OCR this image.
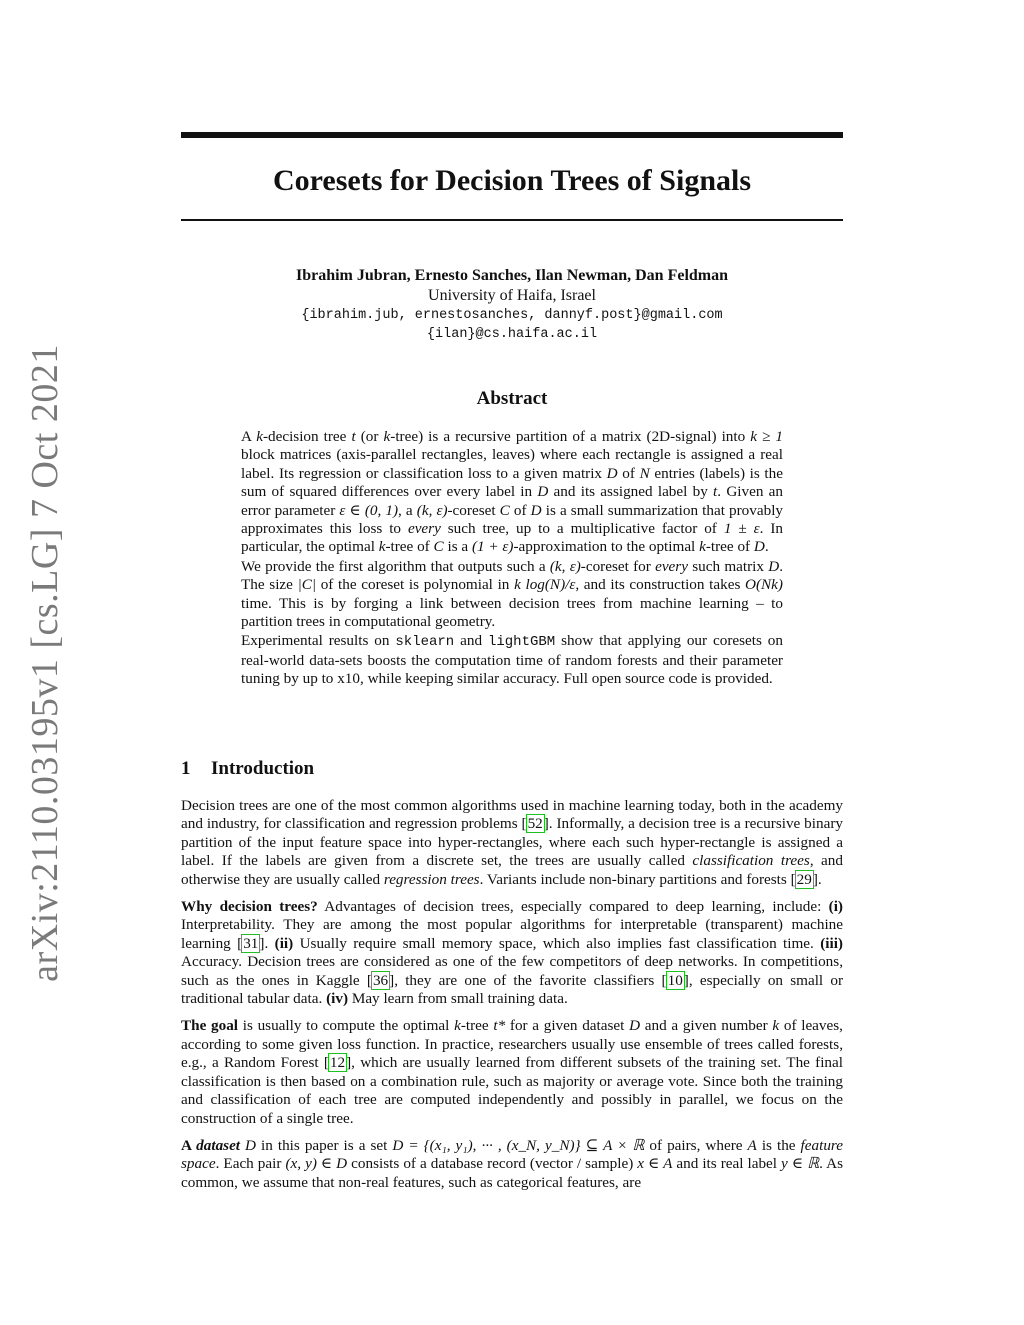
arXiv:2110.03195v1 [cs.LG] 7 Oct 2021
Coresets for Decision Trees of Signals
Ibrahim Jubran, Ernesto Sanches, Ilan Newman, Dan Feldman
University of Haifa, Israel
{ibrahim.jub, ernestosanches, dannyf.post}@gmail.com
{ilan}@cs.haifa.ac.il
Abstract

A k-decision tree t (or k-tree) is a recursive partition of a matrix (2D-signal) into k ≥ 1 block matrices (axis-parallel rectangles, leaves) where each rectangle is assigned a real label. Its regression or classification loss to a given matrix D of N entries (labels) is the sum of squared differences over every label in D and its assigned label by t. Given an error parameter ε ∈ (0, 1), a (k, ε)-coreset C of D is a small summarization that provably approximates this loss to every such tree, up to a multiplicative factor of 1 ± ε. In particular, the optimal k-tree of C is a (1 + ε)-approximation to the optimal k-tree of D.

We provide the first algorithm that outputs such a (k, ε)-coreset for every such matrix D. The size |C| of the coreset is polynomial in k log(N)/ε, and its construction takes O(Nk) time. This is by forging a link between decision trees from machine learning – to partition trees in computational geometry.

Experimental results on sklearn and lightGBM show that applying our coresets on real-world data-sets boosts the computation time of random forests and their parameter tuning by up to x10, while keeping similar accuracy. Full open source code is provided.

1 Introduction

Decision trees are one of the most common algorithms used in machine learning today, both in the academy and industry, for classification and regression problems [52]. Informally, a decision tree is a recursive binary partition of the input feature space into hyper-rectangles, where each such hyper-rectangle is assigned a label. If the labels are given from a discrete set, the trees are usually called classification trees, and otherwise they are usually called regression trees. Variants include non-binary partitions and forests [29].

Why decision trees? Advantages of decision trees, especially compared to deep learning, include: (i) Interpretability. They are among the most popular algorithms for interpretable (transparent) machine learning [31]. (ii) Usually require small memory space, which also implies fast classification time. (iii) Accuracy. Decision trees are considered as one of the few competitors of deep networks. In competitions, such as the ones in Kaggle [36], they are one of the favorite classifiers [10], especially on small or traditional tabular data. (iv) May learn from small training data.

The goal is usually to compute the optimal k-tree t* for a given dataset D and a given number k of leaves, according to some given loss function. In practice, researchers usually use ensemble of trees called forests, e.g., a Random Forest [12], which are usually learned from different subsets of the training set. The final classification is then based on a combination rule, such as majority or average vote. Since both the training and classification of each tree are computed independently and possibly in parallel, we focus on the construction of a single tree.

A dataset D in this paper is a set D = {(x₁, y₁), ··· , (x_N, y_N)} ⊆ A × ℝ of pairs, where A is the feature space. Each pair (x, y) ∈ D consists of a database record (vector / sample) x ∈ A and its real label y ∈ ℝ. As common, we assume that non-real features, such as categorical features, are
